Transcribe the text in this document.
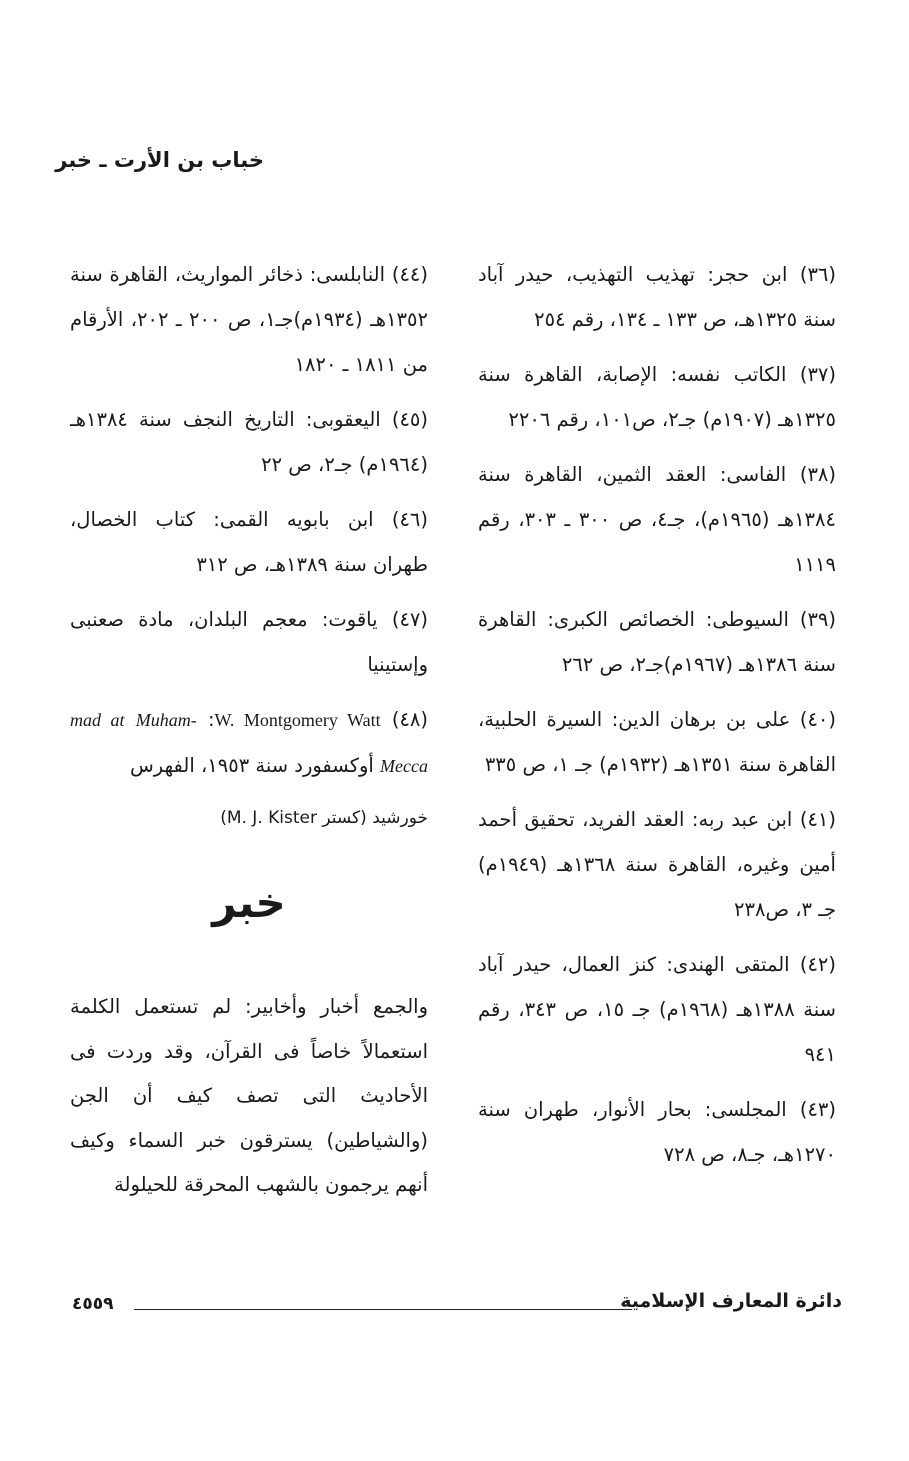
خباب بن الأرت ـ خبر

(٣٦) ابن حجر: تهذيب التهذيب، حيدر آباد سنة ١٣٢٥هـ، ص ١٣٣ ـ ١٣٤، رقم ٢٥٤

(٣٧) الكاتب نفسه: الإصابة، القاهرة سنة ١٣٢٥هـ (١٩٠٧م) جـ٢، ص١٠١، رقم ٢٢٠٦

(٣٨) الفاسى: العقد الثمين، القاهرة سنة ١٣٨٤هـ (١٩٦٥م)، جـ٤، ص ٣٠٠ ـ ٣٠٣، رقم ١١١٩

(٣٩) السيوطى: الخصائص الكبرى: القاهرة سنة ١٣٨٦هـ (١٩٦٧م)جـ٢، ص ٢٦٢

(٤٠) على بن برهان الدين: السيرة الحلبية، القاهرة سنة ١٣٥١هـ (١٩٣٢م) جـ ١، ص ٣٣٥

(٤١) ابن عبد ربه: العقد الفريد، تحقيق أحمد أمين وغيره، القاهرة سنة ١٣٦٨هـ (١٩٤٩م) جـ ٣، ص٢٣٨

(٤٢) المتقى الهندى: كنز العمال، حيدر آباد سنة ١٣٨٨هـ (١٩٦٨م) جـ ١٥، ص ٣٤٣، رقم ٩٤١

(٤٣) المجلسى: بحار الأنوار، طهران سنة ١٢٧٠هـ، جـ٨، ص ٧٢٨

(٤٤) النابلسى: ذخائر المواريث، القاهرة سنة ١٣٥٢هـ (١٩٣٤م)جـ١، ص ٢٠٠ ـ ٢٠٢، الأرقام من ١٨١١ ـ ١٨٢٠

(٤٥) اليعقوبى: التاريخ النجف سنة ١٣٨٤هـ (١٩٦٤م) جـ٢، ص ٢٢

(٤٦) ابن بابويه القمى: كتاب الخصال، طهران سنة ١٣٨٩هـ، ص ٣١٢

(٤٧) ياقوت: معجم البلدان، مادة صعنبى وإستينيا

(٤٨) W. Montgomery Watt: Muham- mad at Mecca أوكسفورد سنة ١٩٥٣، الفهرس

خورشيد (كستر M. J. Kister)

خبر

والجمع أخبار وأخابير: لم تستعمل الكلمة استعمالاً خاصاً فى القرآن، وقد وردت فى الأحاديث التى تصف كيف أن الجن (والشياطين) يسترقون خبر السماء وكيف أنهم يرجمون بالشهب المحرقة للحيلولة

دائرة المعارف الإسلامية
٤٥٥٩
